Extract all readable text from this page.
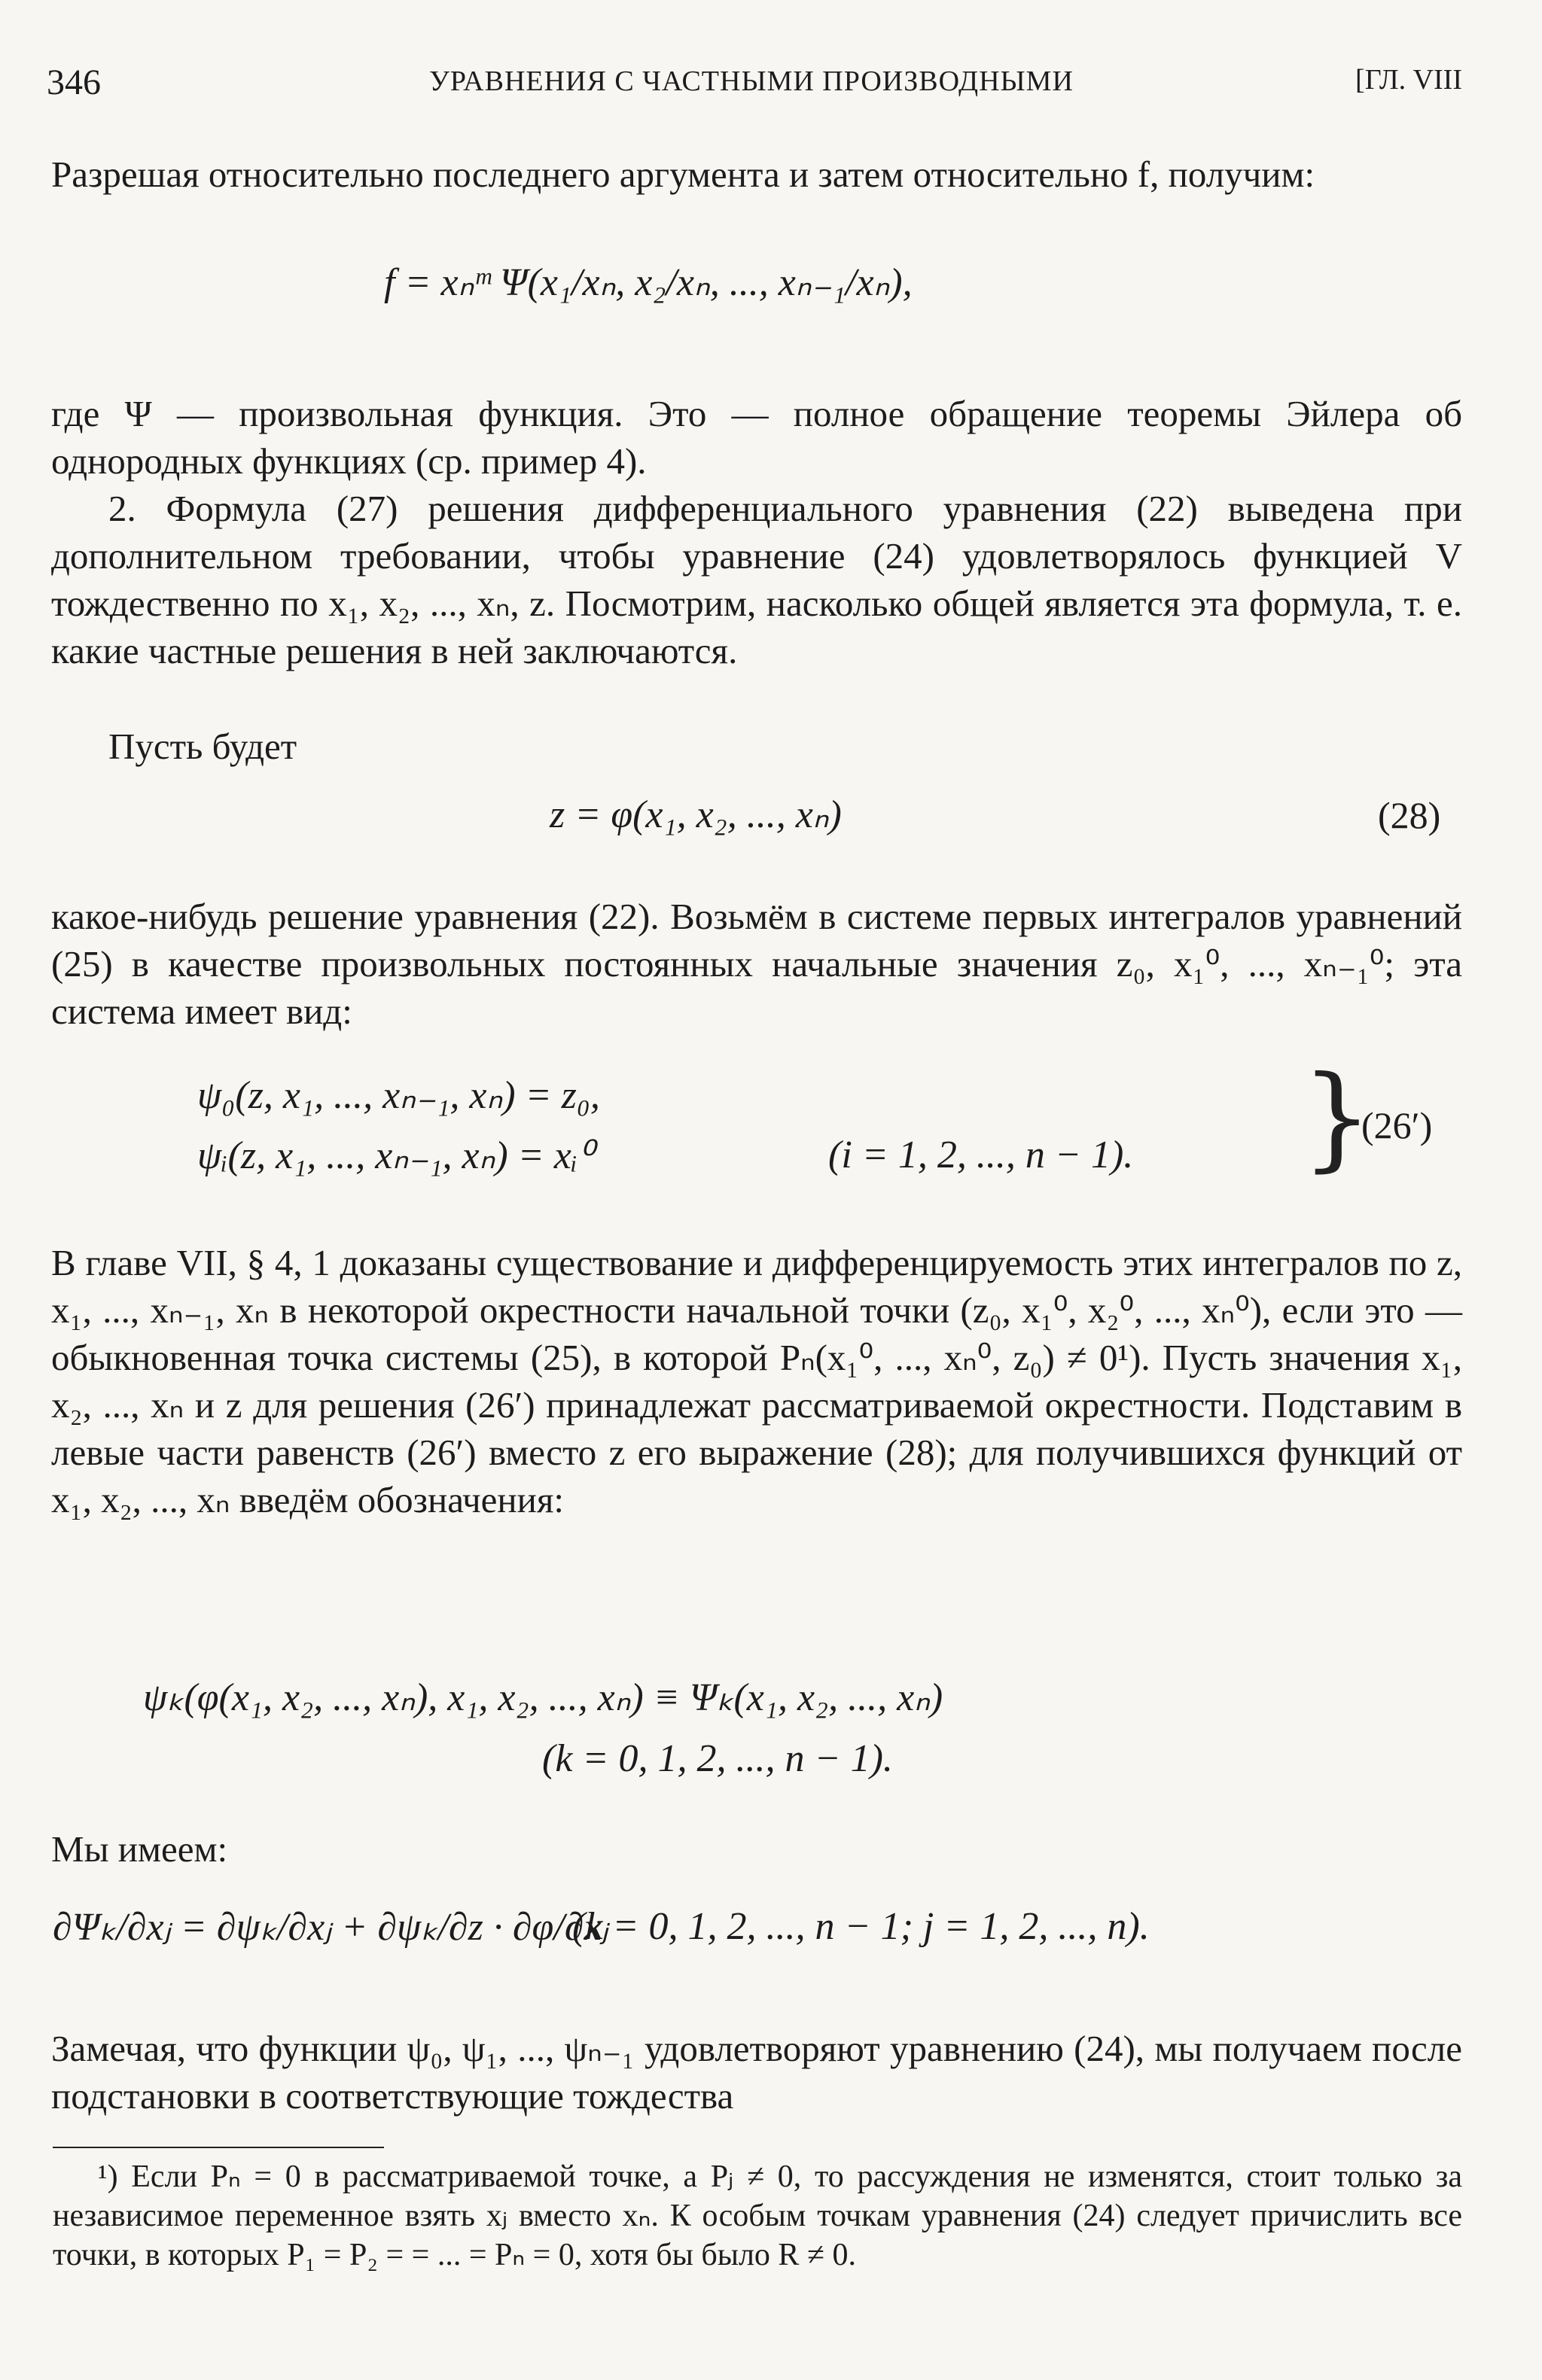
346	УРАВНЕНИЯ С ЧАСТНЫМИ ПРОИЗВОДНЫМИ	[ГЛ. VIII
Разрешая относительно последнего аргумента и затем относительно f, получим:
f = xₙᵐ Ψ(x₁/xₙ, x₂/xₙ, ..., xₙ₋₁/xₙ),
где Ψ — произвольная функция. Это — полное обращение теоремы Эйлера об однородных функциях (ср. пример 4).
2. Формула (27) решения дифференциального уравнения (22) выведена при дополнительном требовании, чтобы уравнение (24) удовлетворялось функцией V тождественно по x₁, x₂, ..., xₙ, z. Посмотрим, насколько общей является эта формула, т. е. какие частные решения в ней заключаются.
Пусть будет
z = φ(x₁, x₂, ..., xₙ)	(28)
какое-нибудь решение уравнения (22). Возьмём в системе первых интегралов уравнений (25) в качестве произвольных постоянных начальные значения z₀, x₁⁰, ..., xₙ₋₁⁰; эта система имеет вид:
ψ₀(z, x₁, ..., xₙ₋₁, xₙ) = z₀,
ψᵢ(z, x₁, ..., xₙ₋₁, xₙ) = xᵢ⁰	(i = 1, 2, ..., n − 1). }
(26′)
В главе VII, § 4, 1 доказаны существование и дифференцируемость этих интегралов по z, x₁, ..., xₙ₋₁, xₙ в некоторой окрестности начальной точки (z₀, x₁⁰, x₂⁰, ..., xₙ⁰), если это — обыкновенная точка системы (25), в которой Pₙ(x₁⁰, ..., xₙ⁰, z₀) ≠ 0¹). Пусть значения x₁, x₂, ..., xₙ и z для решения (26′) принадлежат рассматриваемой окрестности. Подставим в левые части равенств (26′) вместо z его выражение (28); для получившихся функций от x₁, x₂, ..., xₙ введём обозначения:
ψₖ(φ(x₁, x₂, ..., xₙ), x₁, x₂, ..., xₙ) ≡ Ψₖ(x₁, x₂, ..., xₙ)
(k = 0, 1, 2, ..., n − 1).
Мы имеем:
∂Ψₖ/∂xⱼ = ∂ψₖ/∂xⱼ + ∂ψₖ/∂z · ∂φ/∂xⱼ
(k = 0, 1, 2, ..., n − 1; j = 1, 2, ..., n).
Замечая, что функции ψ₀, ψ₁, ..., ψₙ₋₁ удовлетворяют уравнению (24), мы получаем после подстановки в соответствующие тождества
¹) Если Pₙ = 0 в рассматриваемой точке, а Pⱼ ≠ 0, то рассуждения не изменятся, стоит только за независимое переменное взять xⱼ вместо xₙ. К особым точкам уравнения (24) следует причислить все точки, в которых P₁ = P₂ = = ... = Pₙ = 0, хотя бы было R ≠ 0.
